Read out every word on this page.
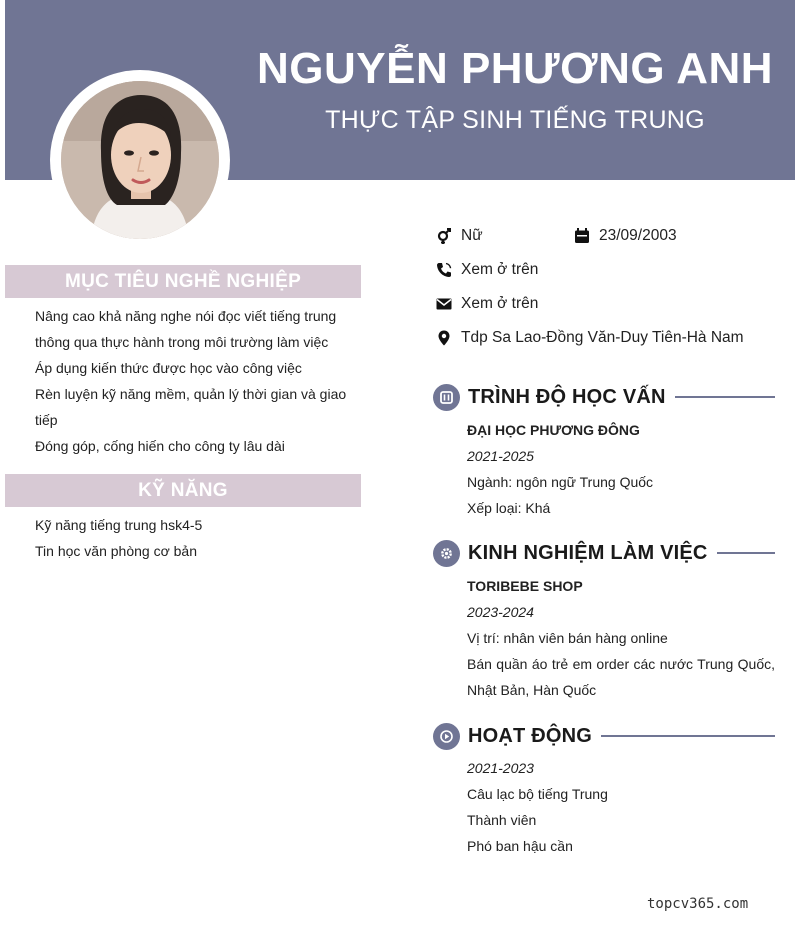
NGUYỄN PHƯƠNG ANH
THỰC TẬP SINH TIẾNG TRUNG
MỤC TIÊU NGHỀ NGHIỆP
Nâng cao khả năng nghe nói đọc viết tiếng trung
thông qua thực hành trong môi trường làm việc
Áp dụng kiến thức được học vào công việc
Rèn luyện kỹ năng mềm, quản lý thời gian và giao
tiếp
Đóng góp, cống hiến cho công ty lâu dài
KỸ NĂNG
Kỹ năng tiếng trung hsk4-5
Tin học văn phòng cơ bản
Nữ	23/09/2003
Xem ở trên
Xem ở trên
Tdp Sa Lao-Đồng Văn-Duy Tiên-Hà Nam
TRÌNH ĐỘ HỌC VẤN
ĐẠI HỌC PHƯƠNG ĐÔNG
2021-2025
Ngành: ngôn ngữ Trung Quốc
Xếp loại: Khá
KINH NGHIỆM LÀM VIỆC
TORIBEBE SHOP
2023-2024
Vị trí: nhân viên bán hàng online
Bán quần áo trẻ em order các nước Trung Quốc, Nhật Bản, Hàn Quốc
HOẠT ĐỘNG
2021-2023
Câu lạc bộ tiếng Trung
Thành viên
Phó ban hậu cần
topcv365.com
